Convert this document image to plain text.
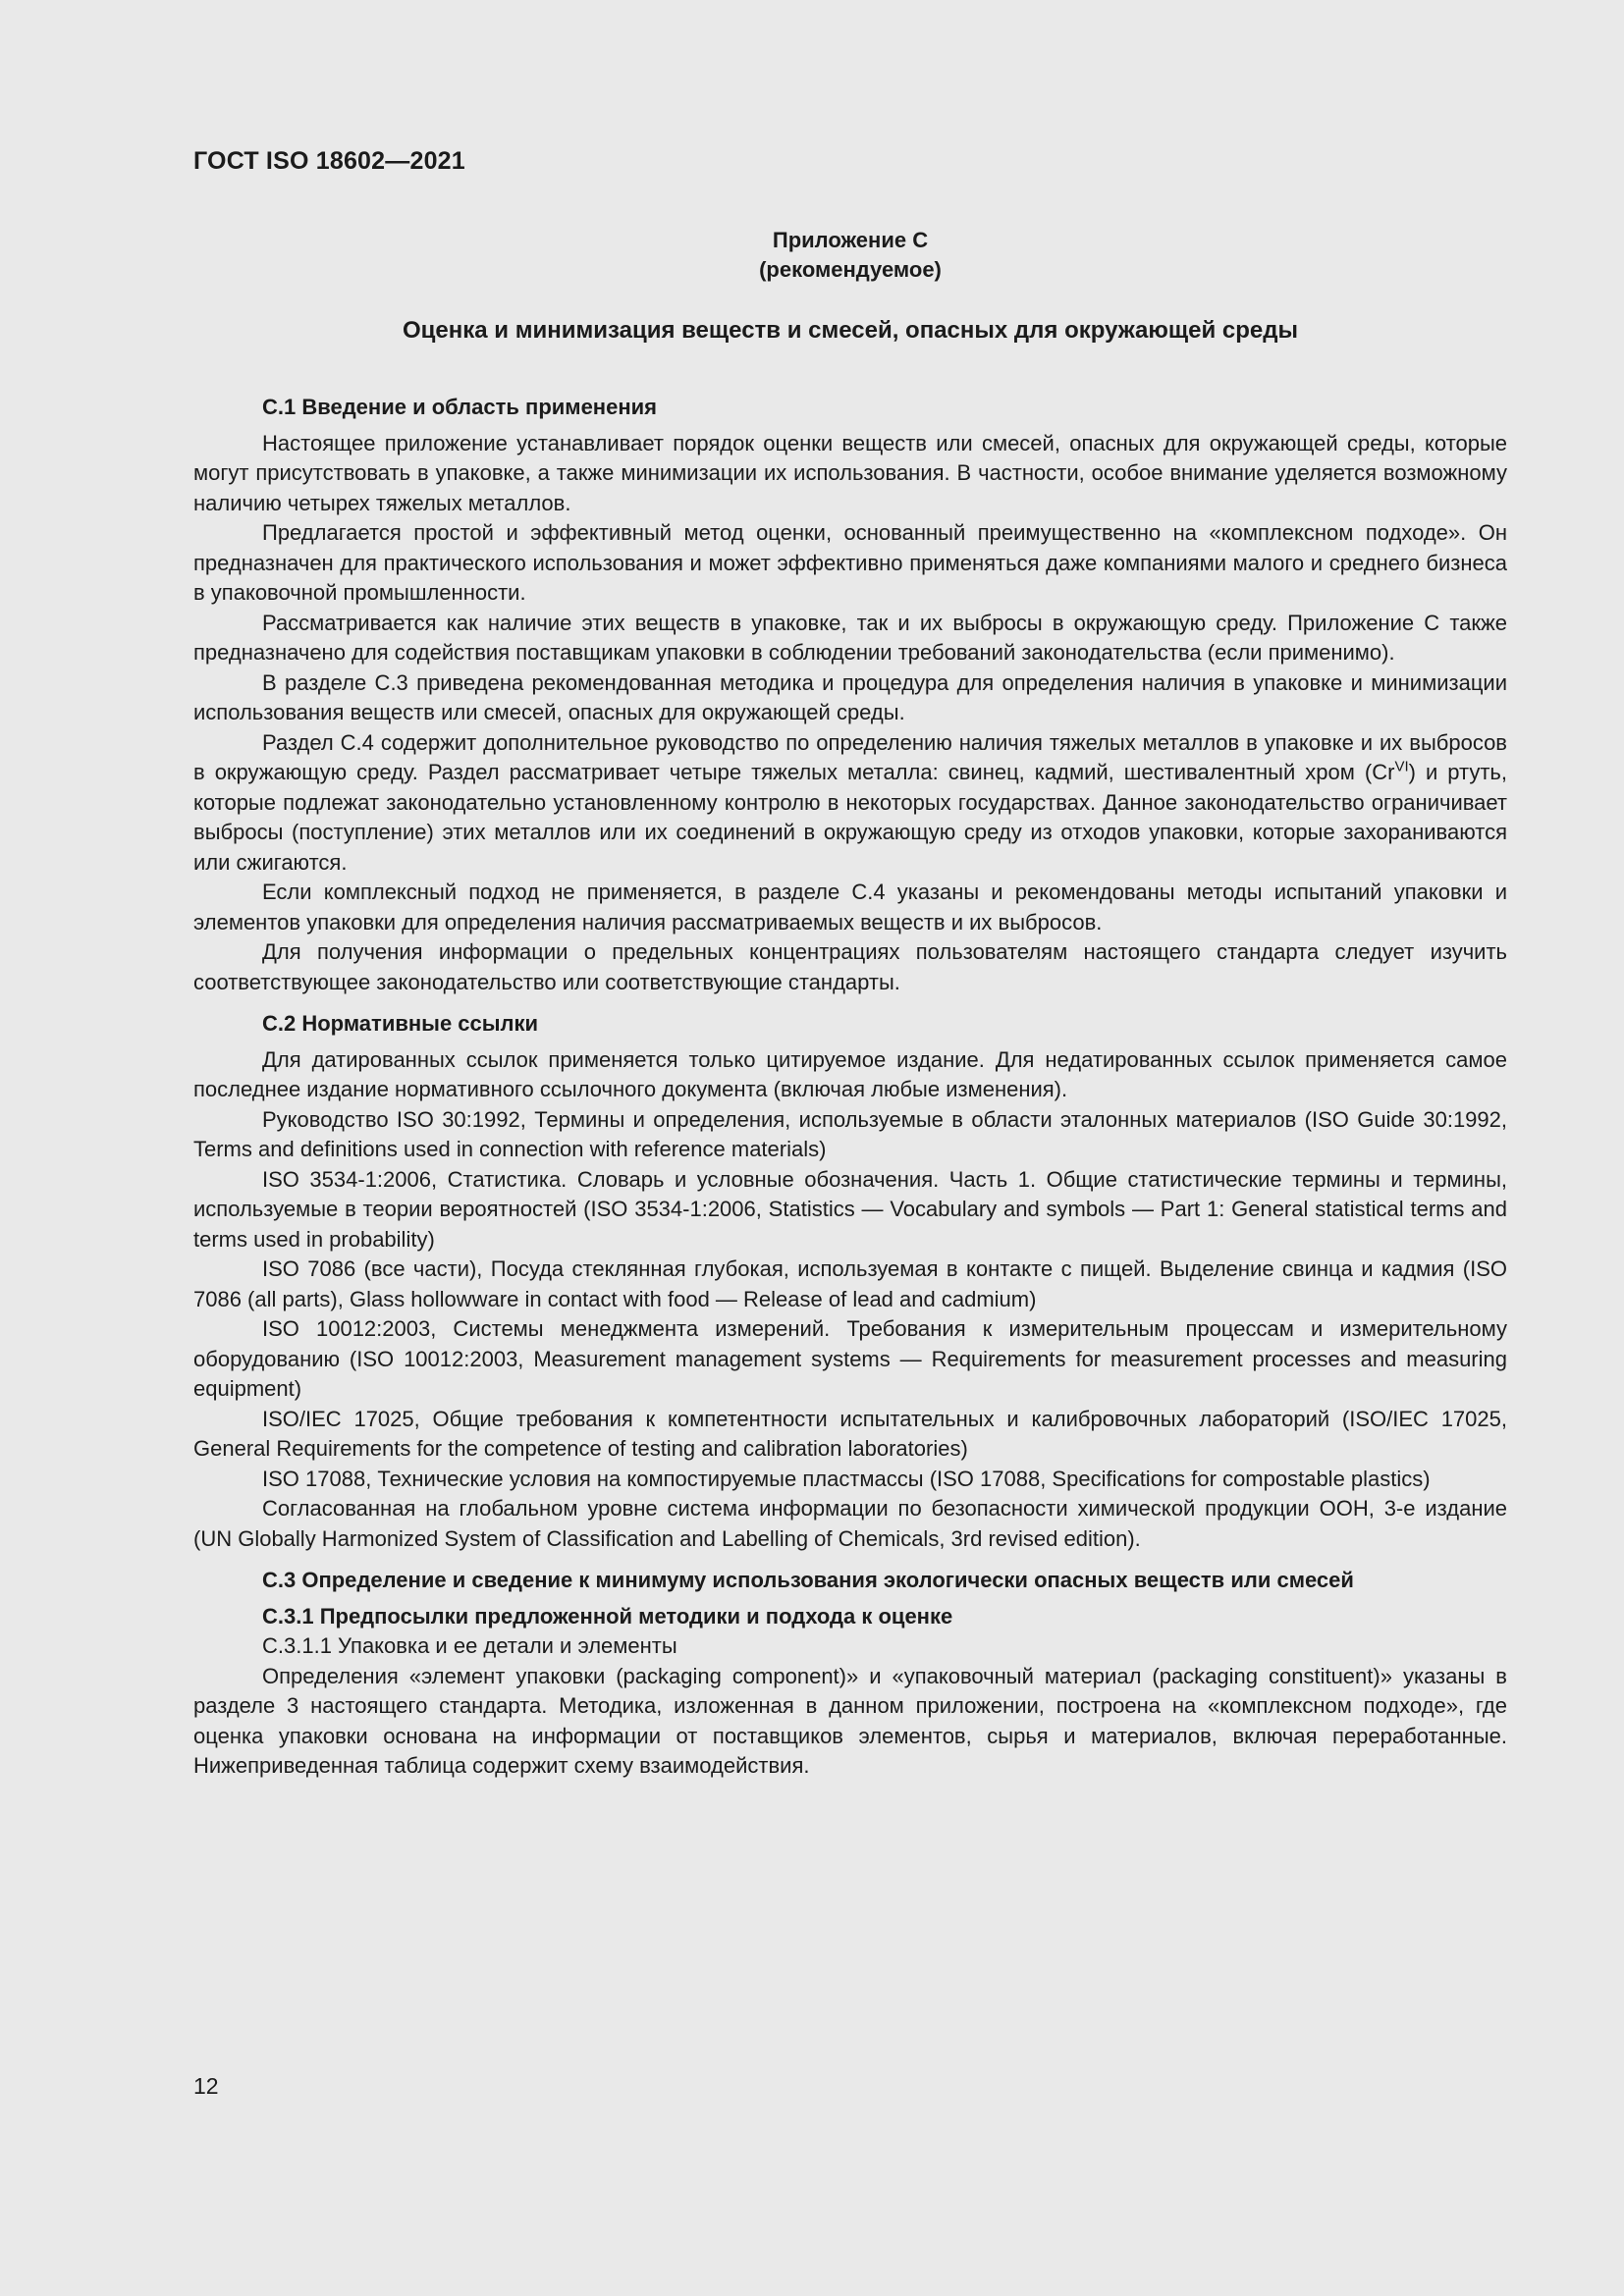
ГОСТ ISO 18602—2021
Приложение С
(рекомендуемое)
Оценка и минимизация веществ и смесей, опасных для окружающей среды
С.1 Введение и область применения

Настоящее приложение устанавливает порядок оценки веществ или смесей, опасных для окружающей среды, которые могут присутствовать в упаковке, а также минимизации их использования. В частности, особое внимание уделяется возможному наличию четырех тяжелых металлов.

Предлагается простой и эффективный метод оценки, основанный преимущественно на «комплексном подходе». Он предназначен для практического использования и может эффективно применяться даже компаниями малого и среднего бизнеса в упаковочной промышленности.

Рассматривается как наличие этих веществ в упаковке, так и их выбросы в окружающую среду. Приложение С также предназначено для содействия поставщикам упаковки в соблюдении требований законодательства (если применимо).

В разделе С.3 приведена рекомендованная методика и процедура для определения наличия в упаковке и минимизации использования веществ или смесей, опасных для окружающей среды.

Раздел С.4 содержит дополнительное руководство по определению наличия тяжелых металлов в упаковке и их выбросов в окружающую среду. Раздел рассматривает четыре тяжелых металла: свинец, кадмий, шестивалентный хром $(Cr^{VI})$ и ртуть, которые подлежат законодательно установленному контролю в некоторых государствах. Данное законодательство ограничивает выбросы (поступление) этих металлов или их соединений в окружающую среду из отходов упаковки, которые захораниваются или сжигаются.

Если комплексный подход не применяется, в разделе С.4 указаны и рекомендованы методы испытаний упаковки и элементов упаковки для определения наличия рассматриваемых веществ и их выбросов.

Для получения информации о предельных концентрациях пользователям настоящего стандарта следует изучить соответствующее законодательство или соответствующие стандарты.

С.2 Нормативные ссылки

Для датированных ссылок применяется только цитируемое издание. Для недатированных ссылок применяется самое последнее издание нормативного ссылочного документа (включая любые изменения).

Руководство ISO 30:1992, Термины и определения, используемые в области эталонных материалов (ISO Guide 30:1992, Terms and definitions used in connection with reference materials)

ISO 3534-1:2006, Статистика. Словарь и условные обозначения. Часть 1. Общие статистические термины и термины, используемые в теории вероятностей (ISO 3534-1:2006, Statistics — Vocabulary and symbols — Part 1: General statistical terms and terms used in probability)

ISO 7086 (все части), Посуда стеклянная глубокая, используемая в контакте с пищей. Выделение свинца и кадмия (ISO 7086 (all parts), Glass hollowware in contact with food — Release of lead and cadmium)

ISO 10012:2003, Системы менеджмента измерений. Требования к измерительным процессам и измерительному оборудованию (ISO 10012:2003, Measurement management systems — Requirements for measurement processes and measuring equipment)

ISO/IEC 17025, Общие требования к компетентности испытательных и калибровочных лабораторий (ISO/IEC 17025, General Requirements for the competence of testing and calibration laboratories)

ISO 17088, Технические условия на компостируемые пластмассы (ISO 17088, Specifications for compostable plastics)

Согласованная на глобальном уровне система информации по безопасности химической продукции ООН, 3-е издание (UN Globally Harmonized System of Classification and Labelling of Chemicals, 3rd revised edition).

С.3 Определение и сведение к минимуму использования экологически опасных веществ или смесей
С.3.1 Предпосылки предложенной методики и подхода к оценке
С.3.1.1 Упаковка и ее детали и элементы

Определения «элемент упаковки (packaging component)» и «упаковочный материал (packaging constituent)» указаны в разделе 3 настоящего стандарта. Методика, изложенная в данном приложении, построена на «комплексном подходе», где оценка упаковки основана на информации от поставщиков элементов, сырья и материалов, включая переработанные. Нижеприведенная таблица содержит схему взаимодействия.

12
